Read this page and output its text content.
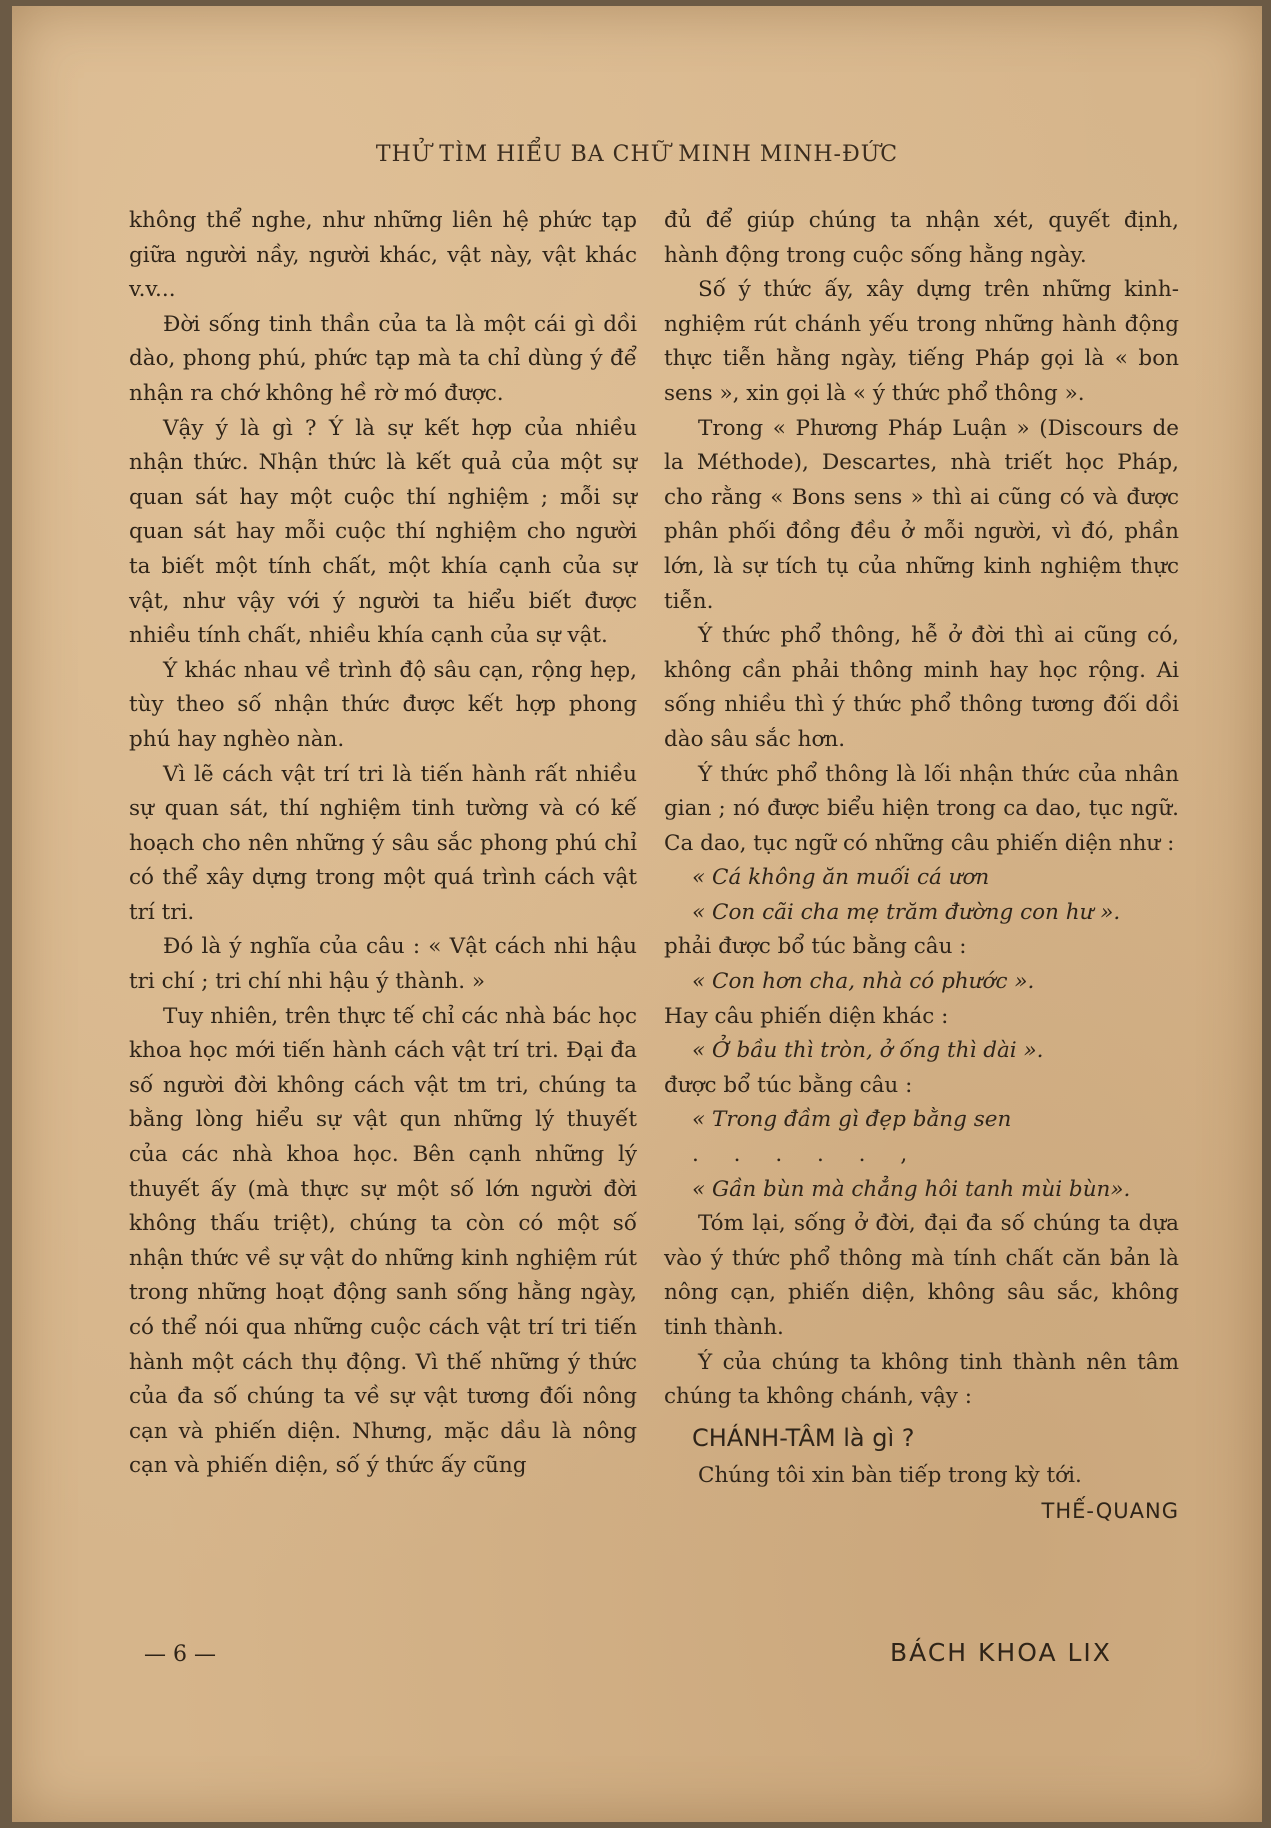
THỬ TÌM HIỂU BA CHỮ MINH MINH-ĐỨC

không thể nghe, như những liên hệ phức tạp giữa người nầy, người khác, vật này, vật khác v.v...

Đời sống tinh thần của ta là một cái gì dồi dào, phong phú, phức tạp mà ta chỉ dùng ý để nhận ra chớ không hề rờ mó được.

Vậy ý là gì ? Ý là sự kết hợp của nhiều nhận thức. Nhận thức là kết quả của một sự quan sát hay một cuộc thí nghiệm ; mỗi sự quan sát hay mỗi cuộc thí nghiệm cho người ta biết một tính chất, một khía cạnh của sự vật, như vậy với ý người ta hiểu biết được nhiều tính chất, nhiều khía cạnh của sự vật.

Ý khác nhau về trình độ sâu cạn, rộng hẹp, tùy theo số nhận thức được kết hợp phong phú hay nghèo nàn.

Vì lẽ cách vật trí tri là tiến hành rất nhiều sự quan sát, thí nghiệm tinh tường và có kế hoạch cho nên những ý sâu sắc phong phú chỉ có thể xây dựng trong một quá trình cách vật trí tri.

Đó là ý nghĩa của câu : « Vật cách nhi hậu tri chí ; tri chí nhi hậu ý thành. »

Tuy nhiên, trên thực tế chỉ các nhà bác học khoa học mới tiến hành cách vật trí tri. Đại đa số người đời không cách vật tm tri, chúng ta bằng lòng hiểu sự vật qun những lý thuyết của các nhà khoa học. Bên cạnh những lý thuyết ấy (mà thực sự một số lớn người đời không thấu triệt), chúng ta còn có một số nhận thức về sự vật do những kinh nghiệm rút trong những hoạt động sanh sống hằng ngày, có thể nói qua những cuộc cách vật trí tri tiến hành một cách thụ động. Vì thế những ý thức của đa số chúng ta về sự vật tương đối nông cạn và phiến diện. Nhưng, mặc dầu là nông cạn và phiến diện, số ý thức ấy cũng

đủ để giúp chúng ta nhận xét, quyết định, hành động trong cuộc sống hằng ngày.

Số ý thức ấy, xây dựng trên những kinh-nghiệm rút chánh yếu trong những hành động thực tiễn hằng ngày, tiếng Pháp gọi là « bon sens », xin gọi là « ý thức phổ thông ».

Trong « Phương Pháp Luận » (Discours de la Méthode), Descartes, nhà triết học Pháp, cho rằng « Bons sens » thì ai cũng có và được phân phối đồng đều ở mỗi người, vì đó, phần lớn, là sự tích tụ của những kinh nghiệm thực tiễn.

Ý thức phổ thông, hễ ở đời thì ai cũng có, không cần phải thông minh hay học rộng. Ai sống nhiều thì ý thức phổ thông tương đối dồi dào sâu sắc hơn.

Ý thức phổ thông là lối nhận thức của nhân gian ; nó được biểu hiện trong ca dao, tục ngữ. Ca dao, tục ngữ có những câu phiến diện như :

« Cá không ăn muối cá ươn

« Con cãi cha mẹ trăm đường con hư ».

phải được bổ túc bằng câu :

« Con hơn cha, nhà có phước ».

Hay câu phiến diện khác :

« Ở bầu thì tròn, ở ống thì dài ».

được bổ túc bằng câu :

« Trong đầm gì đẹp bằng sen

. . . . . ,

« Gần bùn mà chẳng hôi tanh mùi bùn».

Tóm lại, sống ở đời, đại đa số chúng ta dựa vào ý thức phổ thông mà tính chất căn bản là nông cạn, phiến diện, không sâu sắc, không tinh thành.

Ý của chúng ta không tinh thành nên tâm chúng ta không chánh, vậy :

CHÁNH-TÂM là gì ?

Chúng tôi xin bàn tiếp trong kỳ tới.

THẾ-QUANG

— 6 —	BÁCH KHOA LIX
